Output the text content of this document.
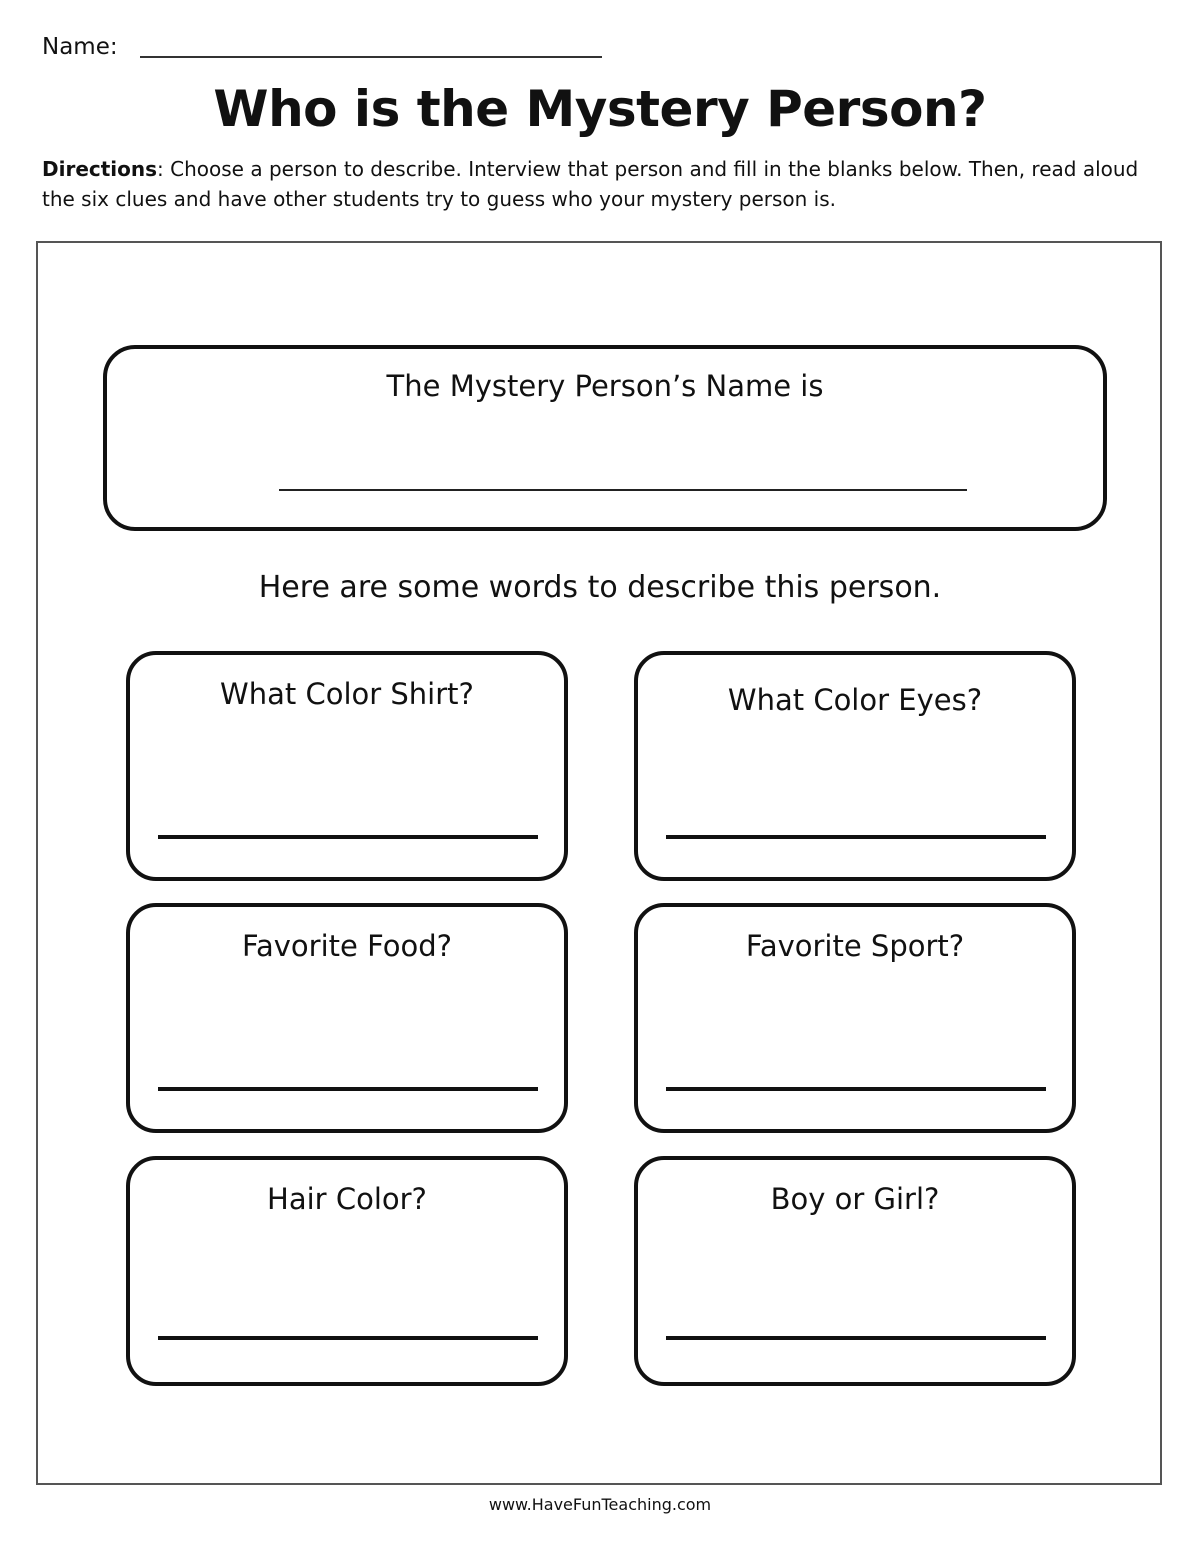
Name:
Who is the Mystery Person?
Directions: Choose a person to describe. Interview that person and fill in the blanks below. Then, read aloud the six clues and have other students try to guess who your mystery person is.
The Mystery Person’s Name is
Here are some words to describe this person.
What Color Shirt?	What Color Eyes?
Favorite Food?	Favorite Sport?
Hair Color?	Boy or Girl?
www.HaveFunTeaching.com
